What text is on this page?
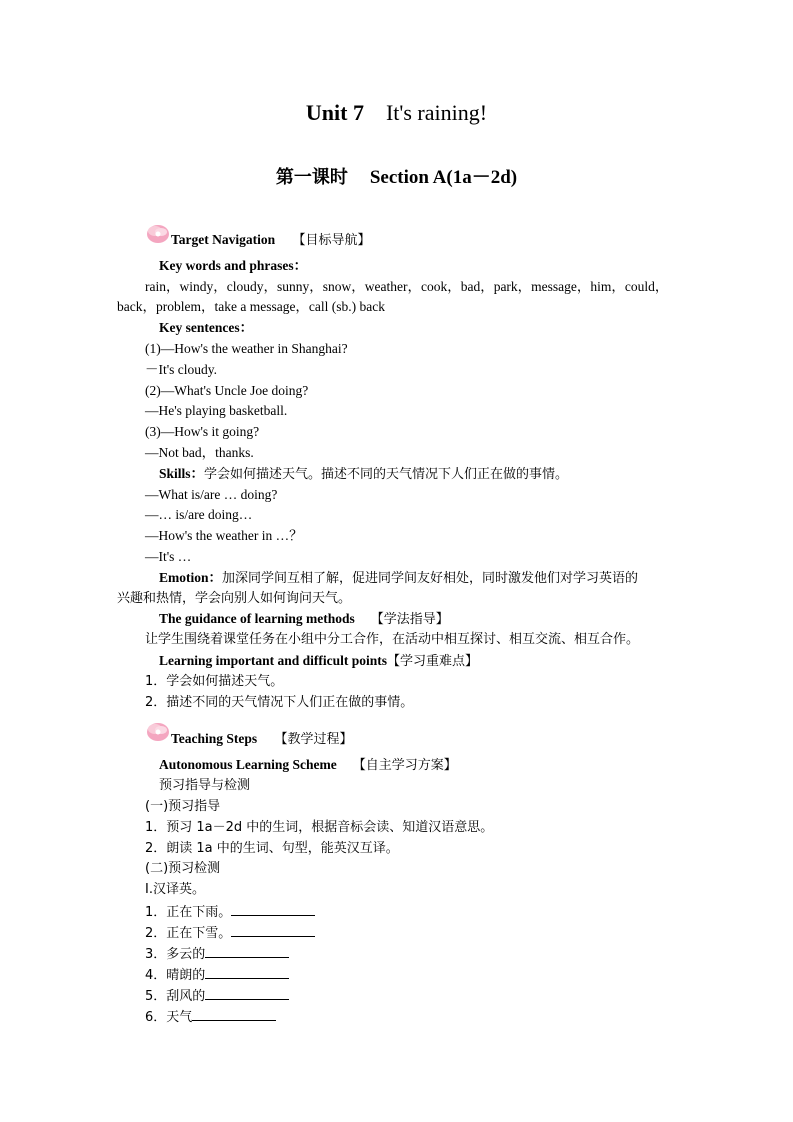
Unit 7 It's raining!
第一课时 Section A(1a－2d)
Target Navigation 【目标导航】
Key words and phrases：
rain，windy，cloudy，sunny，snow，weather，cook，bad，park，message，him，could，
back，problem，take a message，call (sb.) back
Key sentences：
(1)—How's the weather in Shanghai?
－It's cloudy.
(2)—What's Uncle Joe doing?
—He's playing basketball.
(3)—How's it going?
—Not bad，thanks.
Skills：学会如何描述天气。描述不同的天气情况下人们正在做的事情。
—What is/are … doing?
—… is/are doing…
—How's the weather in …？
—It's …
Emotion：加深同学间互相了解，促进同学间友好相处，同时激发他们对学习英语的
兴趣和热情，学会向别人如何询问天气。
The guidance of learning methods 【学法指导】
让学生围绕着课堂任务在小组中分工合作，在活动中相互探讨、相互交流、相互合作。
Learning important and difficult points【学习重难点】
1．学会如何描述天气。
2．描述不同的天气情况下人们正在做的事情。
Teaching Steps 【教学过程】
Autonomous Learning Scheme 【自主学习方案】
预习指导与检测
(一)预习指导
1．预习 1a－2d 中的生词，根据音标会读、知道汉语意思。
2．朗读 1a 中的生词、句型，能英汉互译。
(二)预习检测
Ⅰ.汉译英。
1．正在下雨。
2．正在下雪。
3．多云的
4．晴朗的
5．刮风的
6．天气
